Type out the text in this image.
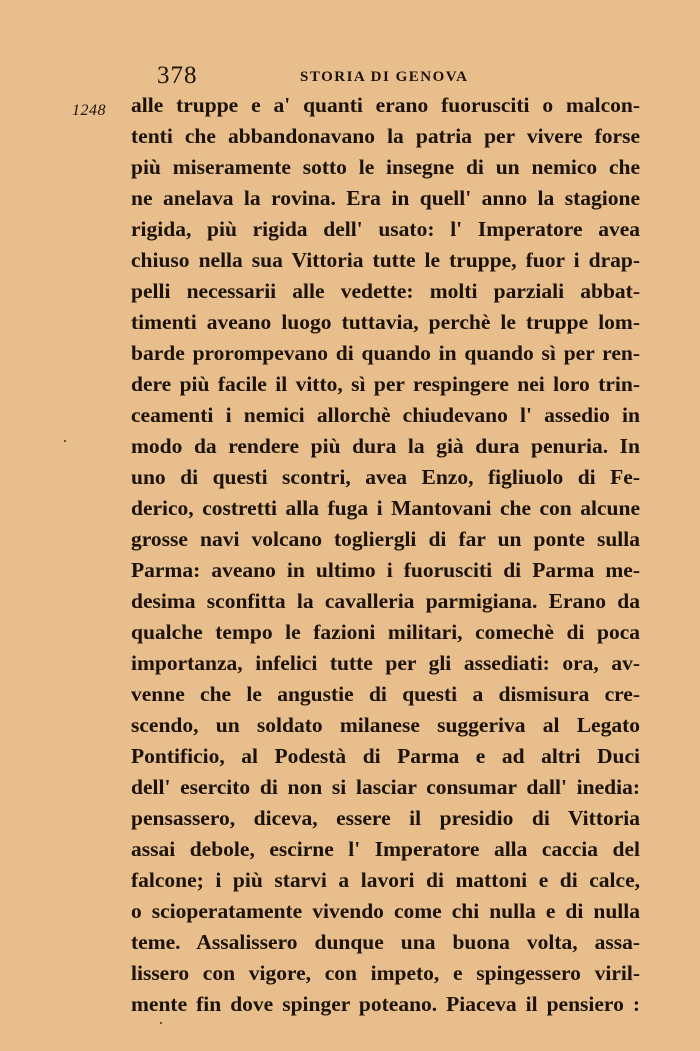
378	STORIA DI GENOVA
1248 alle truppe e a' quanti erano fuorusciti o malcon-
tenti che abbandonavano la patria per vivere forse
più miseramente sotto le insegne di un nemico che
ne anelava la rovina. Era in quell' anno la stagione
rigida, più rigida dell' usato: l' Imperatore avea
chiuso nella sua Vittoria tutte le truppe, fuor i drap-
pelli necessarii alle vedette: molti parziali abbat-
timenti aveano luogo tuttavia, perchè le truppe lom-
barde prorompevano di quando in quando sì per ren-
dere più facile il vitto, sì per respingere nei loro trin-
ceamenti i nemici allorchè chiudevano l' assedio in
modo da rendere più dura la già dura penuria. In
uno di questi scontri, avea Enzo, figliuolo di Fe-
derico, costretti alla fuga i Mantovani che con alcune
grosse navi volcano togliergli di far un ponte sulla
Parma: aveano in ultimo i fuorusciti di Parma me-
desima sconfitta la cavalleria parmigiana. Erano da
qualche tempo le fazioni militari, comechè di poca
importanza, infelici tutte per gli assediati: ora, av-
venne che le angustie di questi a dismisura cre-
scendo, un soldato milanese suggeriva al Legato
Pontificio, al Podestà di Parma e ad altri Duci
dell' esercito di non si lasciar consumar dall' inedia:
pensassero, diceva, essere il presidio di Vittoria
assai debole, escirne l' Imperatore alla caccia del
falcone; i più starvi a lavori di mattoni e di calce,
o scioperatamente vivendo come chi nulla e di nulla
teme. Assalissero dunque una buona volta, assa-
lissero con vigore, con impeto, e spingessero viril-
mente fin dove spinger poteano. Piaceva il pensiero :
